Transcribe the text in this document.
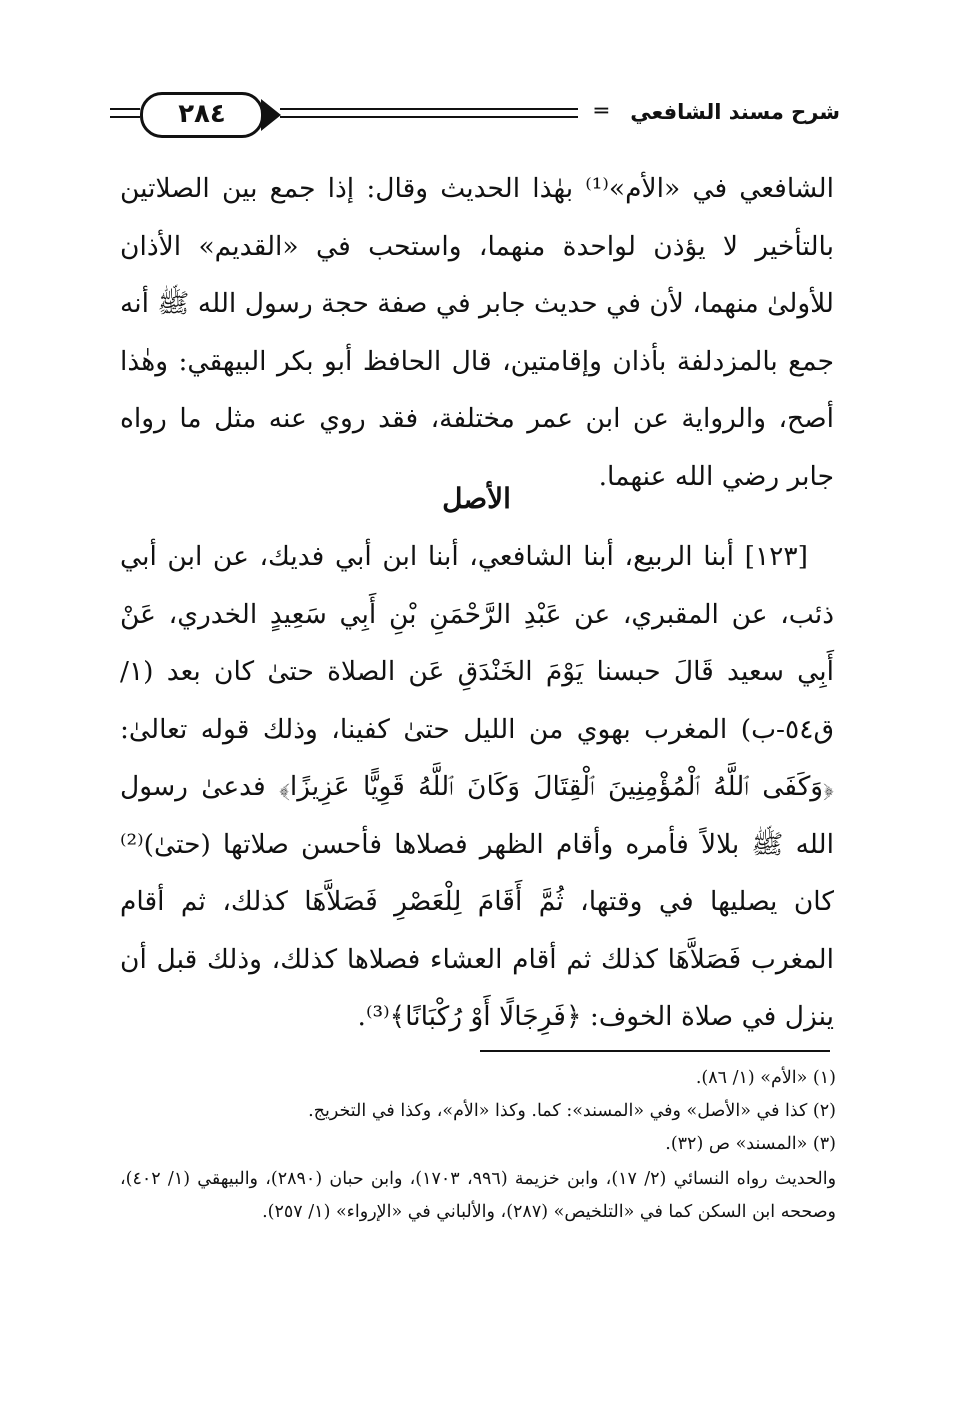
شرح مسند الشافعي
═
٢٨٤
الشافعي في «الأم»⁽¹⁾ بهٰذا الحديث وقال: إذا جمع بين الصلاتين بالتأخير لا يؤذن لواحدة منهما، واستحب في «القديم» الأذان للأولىٰ منهما، لأن في حديث جابر في صفة حجة رسول الله ﷺ أنه جمع بالمزدلفة بأذان وإقامتين، قال الحافظ أبو بكر البيهقي: وهٰذا أصح، والرواية عن ابن عمر مختلفة، فقد روي عنه مثل ما رواه جابر رضي الله عنهما.
الأصل
[١٢٣] أبنا الربيع، أبنا الشافعي، أبنا ابن أبي فديك، عن ابن أبي ذئب، عن المقبري، عن عَبْدِ الرَّحْمَنِ بْنِ أَبِي سَعِيدٍ الخدري، عَنْ أَبِي سعيد قَالَ حبسنا يَوْمَ الخَنْدَقِ عَن الصلاة حتىٰ كان بعد (١/ق٥٤-ب) المغرب بهوي من الليل حتىٰ كفينا، وذلك قوله تعالىٰ: ﴿وَكَفَى ٱللَّهُ ٱلْمُؤْمِنِينَ ٱلْقِتَالَ وَكَانَ ٱللَّهُ قَوِيًّا عَزِيزًا﴾ فدعىٰ رسول الله ﷺ بلالاً فأمره وأقام الظهر فصلاها فأحسن صلاتها (حتىٰ)⁽²⁾ كان يصليها في وقتها، ثُمَّ أَقَامَ لِلْعَصْرِ فَصَلاَّهَا كذلك، ثم أقام المغرب فَصَلاَّهَا كذلك ثم أقام العشاء فصلاها كذلك، وذلك قبل أن ينزل في صلاة الخوف: ﴿فَرِجَالًا أَوْ رُكْبَانًا﴾⁽³⁾.
(١) «الأم» (١/ ٨٦).
(٢) كذا في «الأصل» وفي «المسند»: كما. وكذا «الأم»، وكذا في التخريج.
(٣) «المسند» ص (٣٢).
والحديث رواه النسائي (٢/ ١٧)، وابن خزيمة (٩٩٦، ١٧٠٣)، وابن حبان (٢٨٩٠)، والبيهقي (١/ ٤٠٢)، وصححه ابن السكن كما في «التلخيص» (٢٨٧)، والألباني في «الإرواء» (١/ ٢٥٧).
